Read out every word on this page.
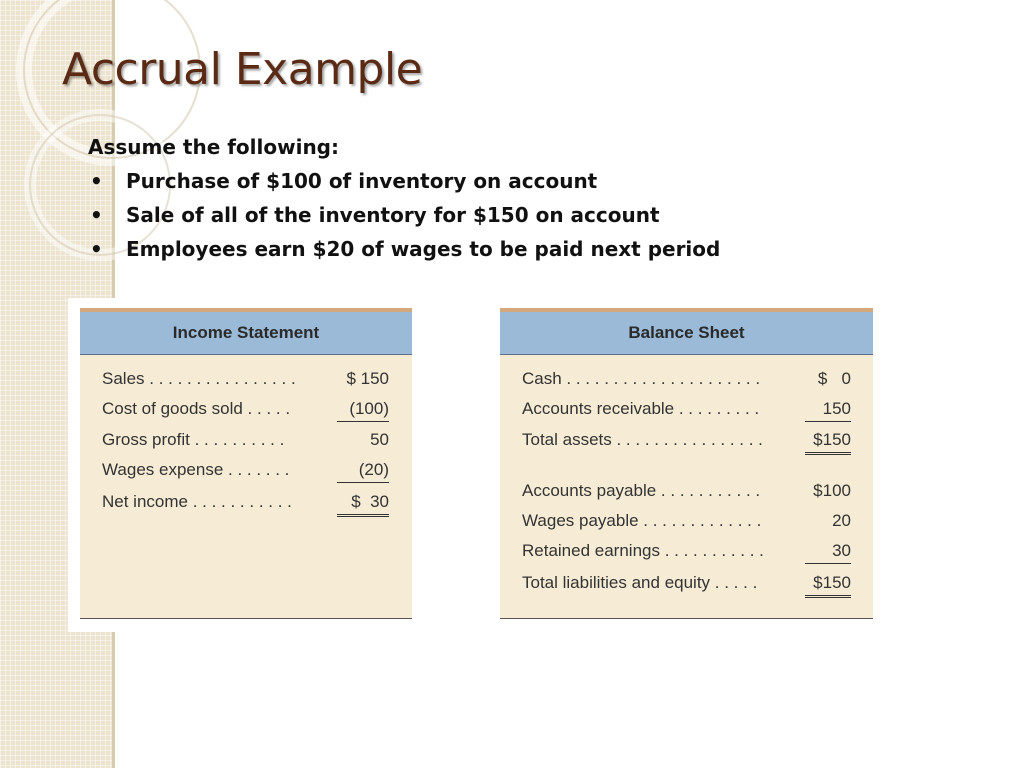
Accrual Example
Assume the following:
• Purchase of $100 of inventory on account
• Sale of all of the inventory for $150 on account
• Employees earn $20 of wages to be paid next period
Income Statement
Sales . . . . . . . . . . . . . . . .	$ 150
Cost of goods sold . . . . .	(100)
Gross profit . . . . . . . . . .	50
Wages expense . . . . . . .	(20)
Net income . . . . . . . . . . .	$  30
Balance Sheet
Cash . . . . . . . . . . . . . . . . . . . . .	$   0
Accounts receivable . . . . . . . . .	150
Total assets . . . . . . . . . . . . . . . .	$150
Accounts payable . . . . . . . . . . .	$100
Wages payable . . . . . . . . . . . . .	20
Retained earnings . . . . . . . . . . .	30
Total liabilities and equity . . . . .	$150
